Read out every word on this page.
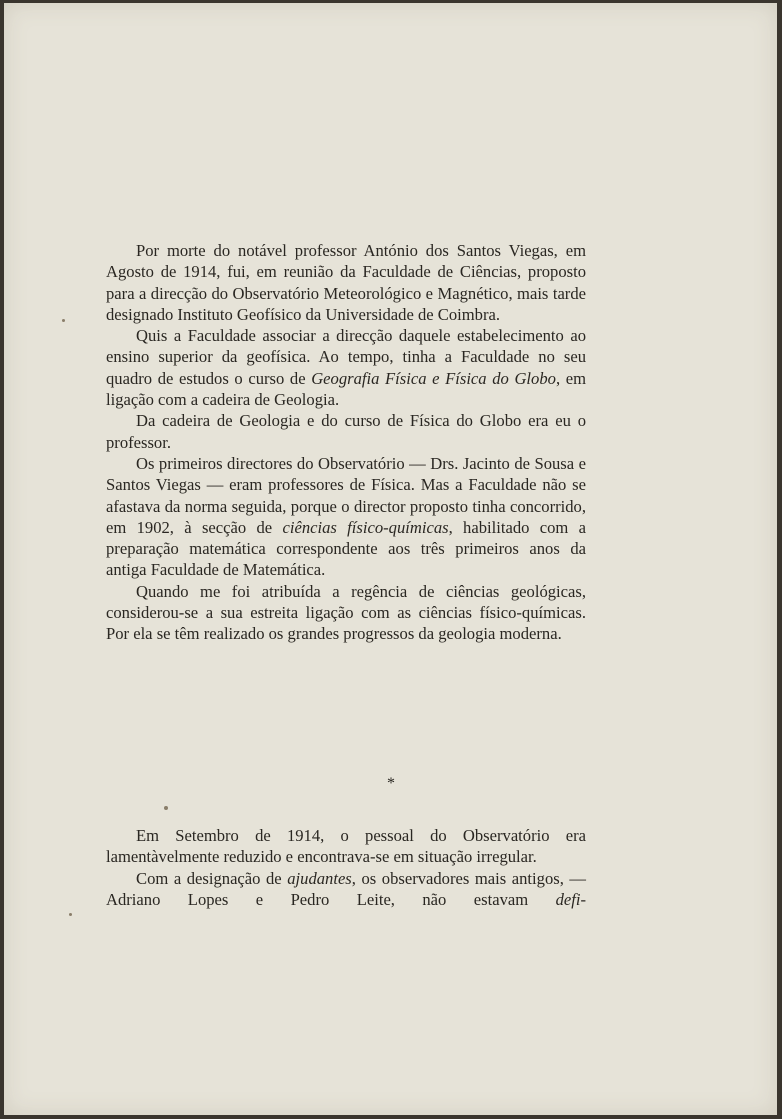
Por morte do notável professor António dos Santos Viegas, em Agosto de 1914, fui, em reunião da Faculdade de Ciências, proposto para a direcção do Observatório Meteorológico e Magnético, mais tarde designado Instituto Geofísico da Universidade de Coimbra.

Quis a Faculdade associar a direcção daquele estabelecimento ao ensino superior da geofísica. Ao tempo, tinha a Faculdade no seu quadro de estudos o curso de Geografia Física e Física do Globo, em ligação com a cadeira de Geologia.

Da cadeira de Geologia e do curso de Física do Globo era eu o professor.

Os primeiros directores do Observatório — Drs. Jacinto de Sousa e Santos Viegas — eram professores de Física. Mas a Faculdade não se afastava da norma seguida, porque o director proposto tinha concorrido, em 1902, à secção de ciências físico-químicas, habilitado com a preparação matemática correspondente aos três primeiros anos da antiga Faculdade de Matemática.

Quando me foi atribuída a regência de ciências geológicas, considerou-se a sua estreita ligação com as ciências físico-químicas. Por ela se têm realizado os grandes progressos da geologia moderna.

*

Em Setembro de 1914, o pessoal do Observatório era lamentàvelmente reduzido e encontrava-se em situação irregular.

Com a designação de ajudantes, os observadores mais antigos, — Adriano Lopes e Pedro Leite, não estavam defi-
